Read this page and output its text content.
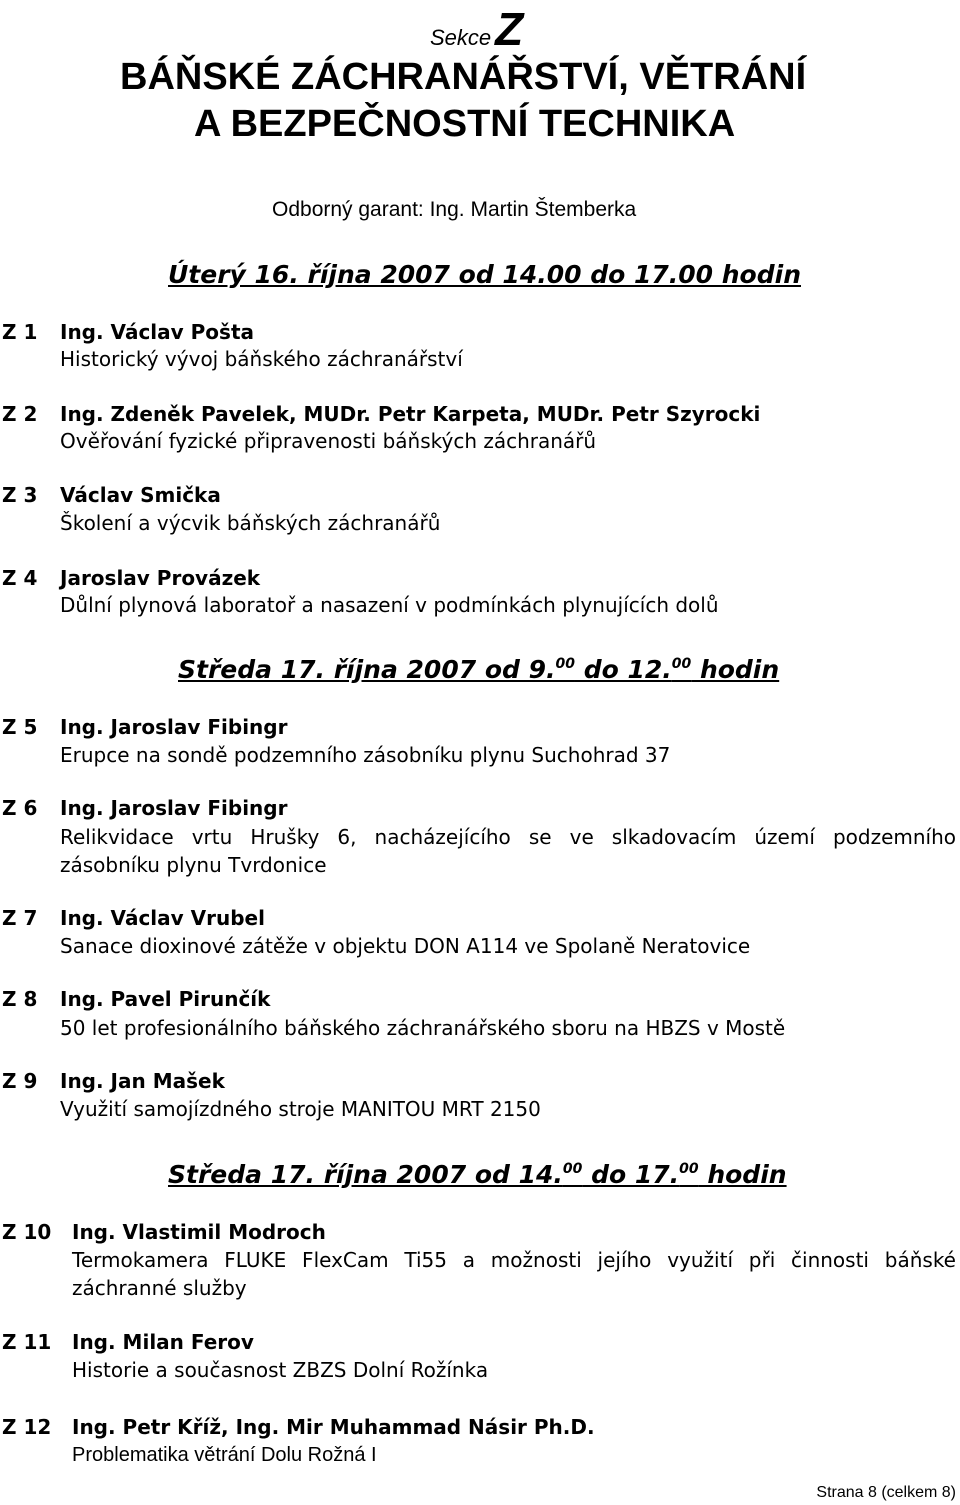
SekceZ
BÁŇSKÉ ZÁCHRANÁŘSTVÍ, VĚTRÁNÍ
A BEZPEČNOSTNÍ TECHNIKA
Odborný garant: Ing. Martin Štemberka
Úterý 16. října 2007 od 14.00 do 17.00 hodin
Z 1 Ing. Václav Pošta
Historický vývoj báňského záchranářství
Z 2 Ing. Zdeněk Pavelek, MUDr. Petr Karpeta, MUDr. Petr Szyrocki
Ověřování fyzické připravenosti báňských záchranářů
Z 3 Václav Smička
Školení a výcvik báňských záchranářů
Z 4 Jaroslav Provázek
Důlní plynová laboratoř a nasazení v podmínkách plynujících dolů
Středa 17. října 2007 od 9.00 do 12.00 hodin
Z 5 Ing. Jaroslav Fibingr
Erupce na sondě podzemního zásobníku plynu Suchohrad 37
Z 6 Ing. Jaroslav Fibingr
Relikvidace vrtu Hrušky 6, nacházejícího se ve slkadovacím území podzemního
zásobníku plynu Tvrdonice
Z 7 Ing. Václav Vrubel
Sanace dioxinové zátěže v objektu DON A114 ve Spolaně Neratovice
Z 8 Ing. Pavel Pirunčík
50 let profesionálního báňského záchranářského sboru na HBZS v Mostě
Z 9 Ing. Jan Mašek
Využití samojízdného stroje MANITOU MRT 2150
Středa 17. října 2007 od 14.00 do 17.00 hodin
Z 10 Ing. Vlastimil Modroch
Termokamera FLUKE FlexCam Ti55 a možnosti jejího využití při činnosti báňské
záchranné služby
Z 11 Ing. Milan Ferov
Historie a současnost ZBZS Dolní Rožínka
Z 12 Ing. Petr Kříž, Ing. Mir Muhammad Násir Ph.D.
Problematika větrání Dolu Rožná I
Strana 8 (celkem 8)
